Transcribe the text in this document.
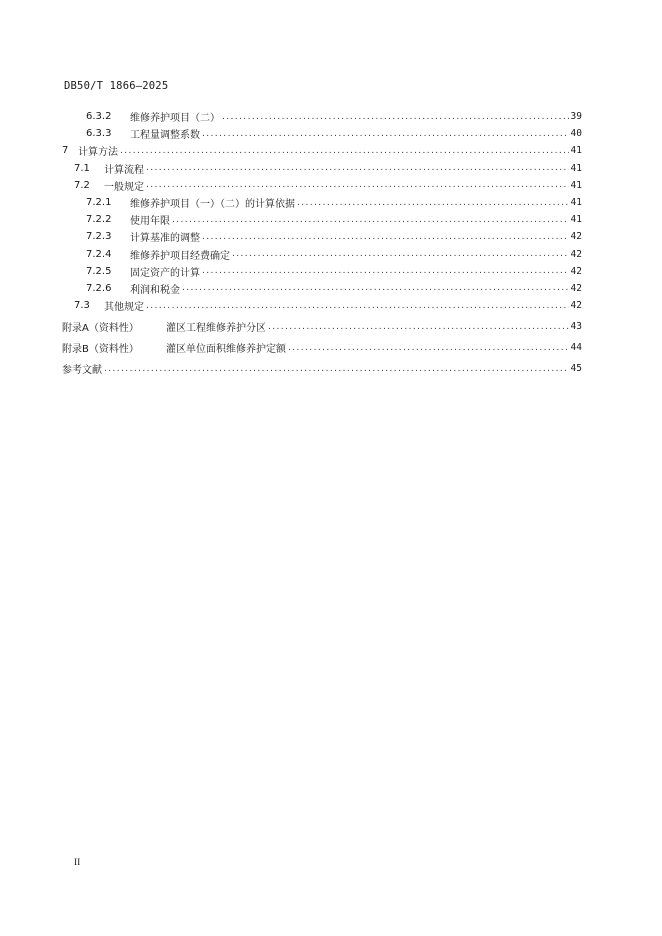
DB50/T 1866—2025
6.3.2	维修养护项目（二） .....	39
6.3.3	工程量调整系数 .....	40
7 计算方法 .....	41
7.1	计算流程 .....	41
7.2	一般规定 .....	41
7.2.1	维修养护项目（一）（二）的计算依据 .....	41
7.2.2	使用年限 .....	41
7.2.3	计算基准的调整 .....	42
7.2.4	维修养护项目经费确定 .....	42
7.2.5	固定资产的计算 .....	42
7.2.6	利润和税金 .....	42
7.3	其他规定 .....	42
附录A（资料性）	灌区工程维修养护分区 .....	43
附录B（资料性）	灌区单位面积维修养护定额 .....	44
参考文献 .....	45
II
